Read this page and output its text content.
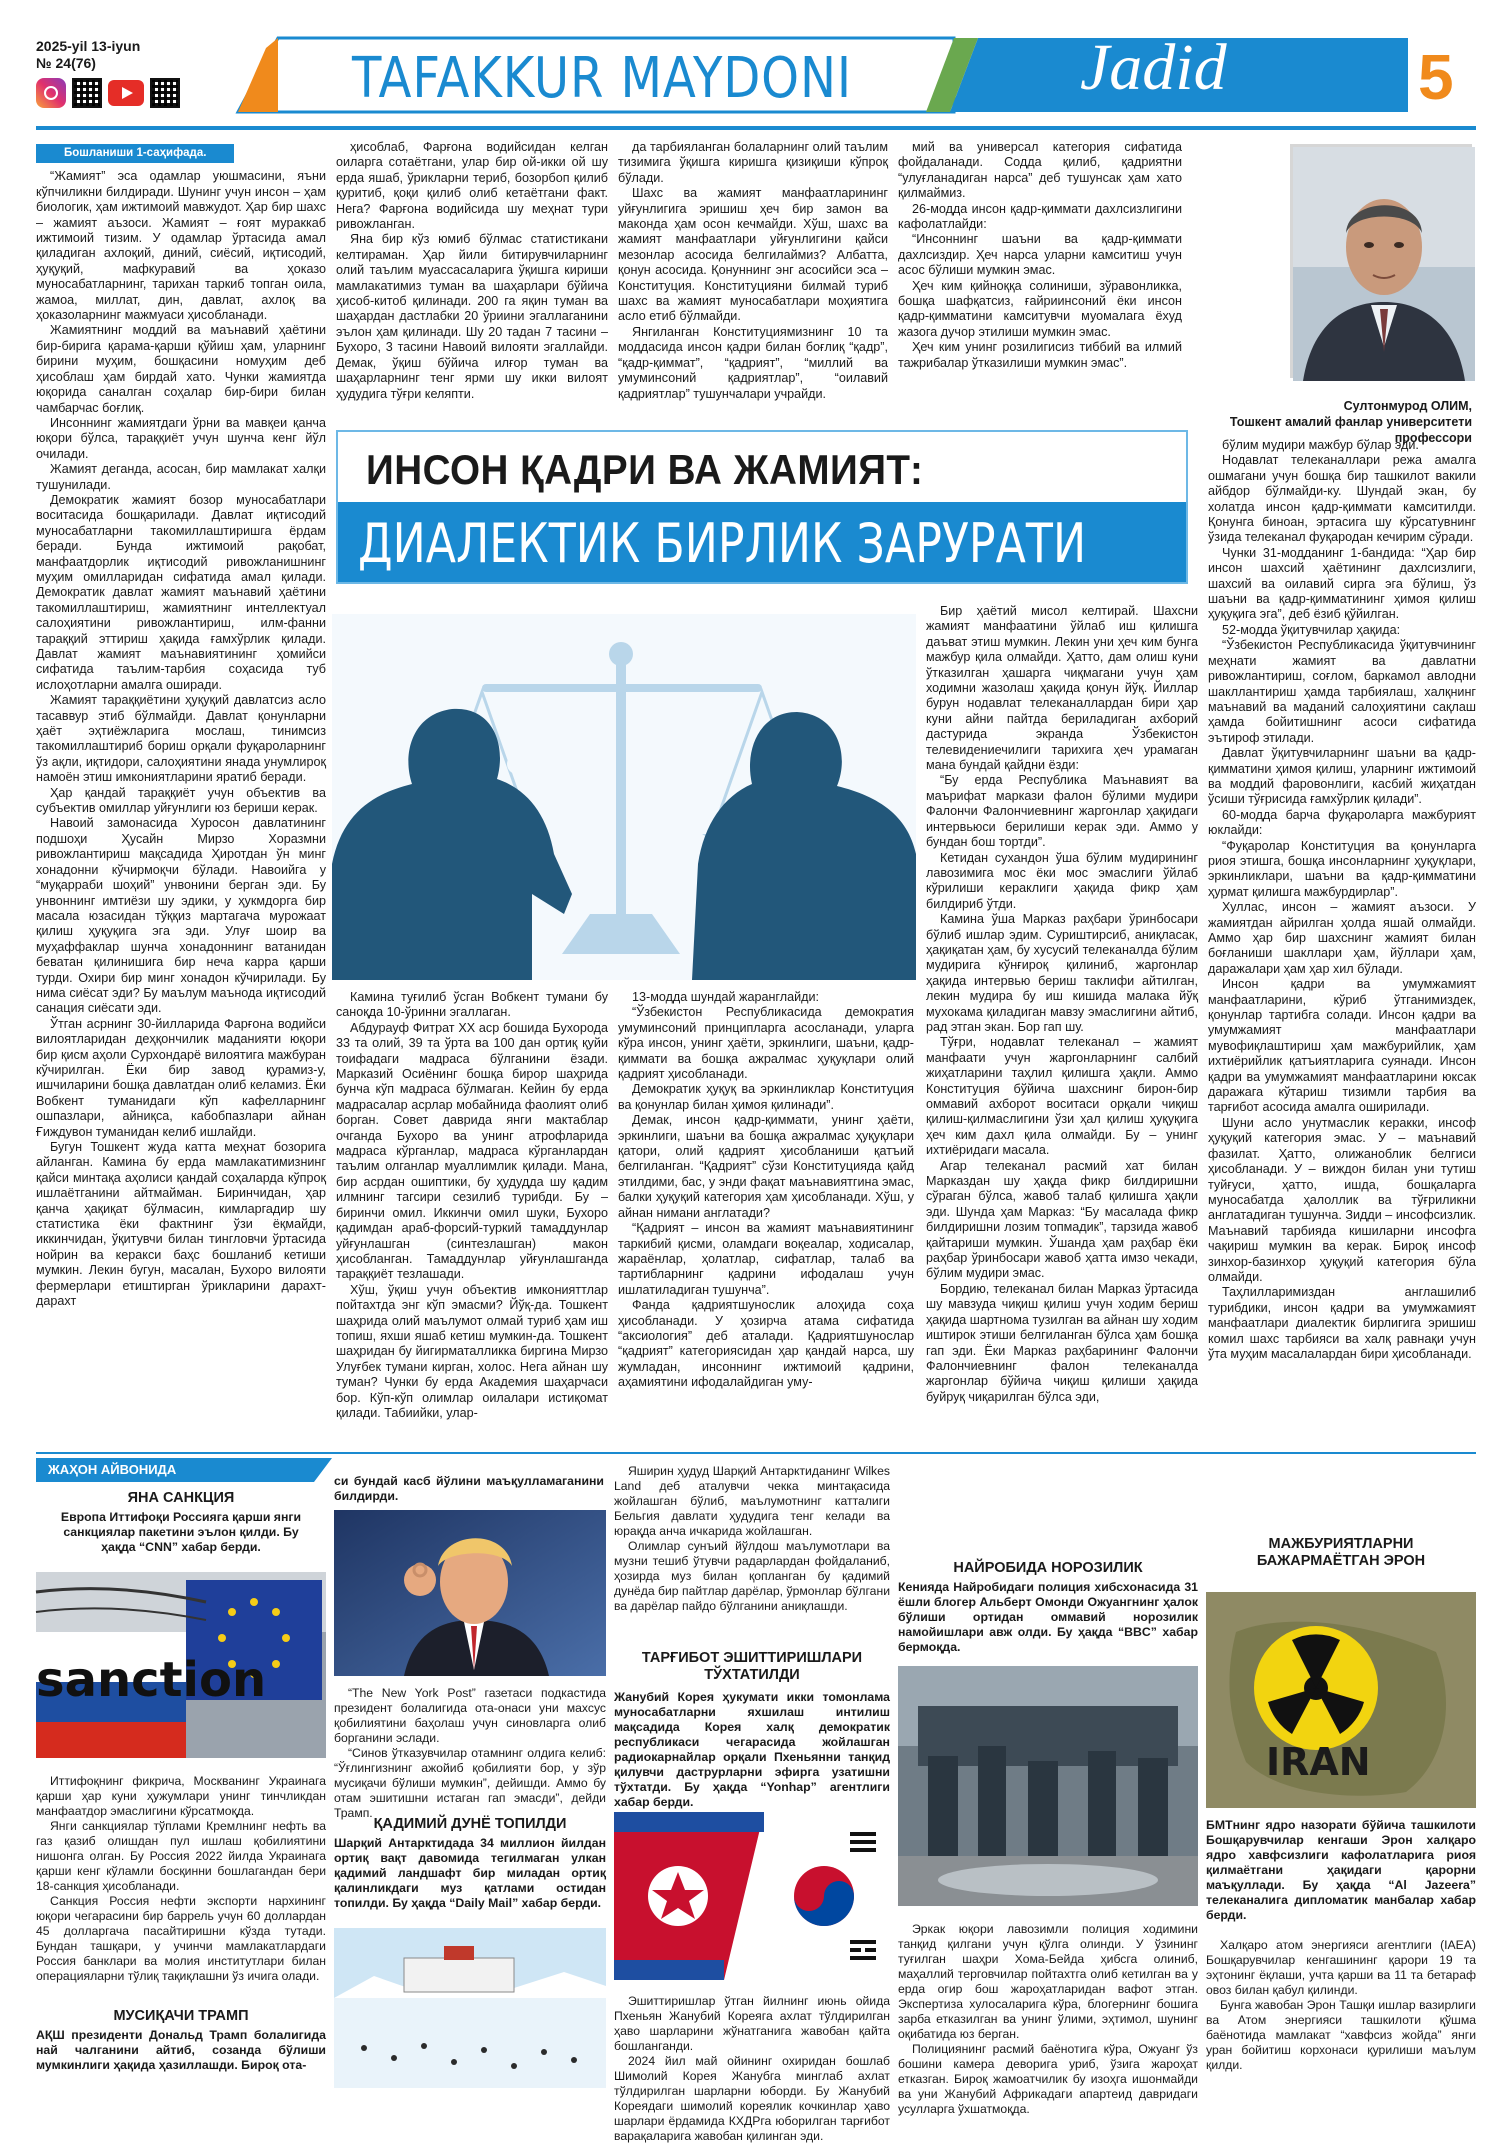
2025-yil 13-iyun
№ 24(76)	TAFAKKUR MAYDONI	Jadid	5
Бошланиши 1-саҳифада.

“Жамият” эса одамлар уюшмасини, яъни кўпчиликни билдиради. Шунинг учун инсон – ҳам биологик, ҳам ижтимоий мавжудот. Ҳар бир шахс – жамият аъзоси. Жамият – ғоят мураккаб ижтимоий тизим. У одамлар ўртасида амал қиладиган ахлоқий, диний, сиёсий, иқтисодий, ҳуқуқий, мафкуравий ва ҳоказо муносабатларнинг, тарихан таркиб топган оила, жамоа, миллат, дин, давлат, ахлоқ ва ҳоказоларнинг мажмуаси ҳисобланади.

Жамиятнинг моддий ва маънавий ҳаётини бир-бирига қарама-қарши қўйиш ҳам, уларнинг бирини муҳим, бошқасини номуҳим деб ҳисоблаш ҳам бирдай хато. Чунки жамиятда юқорида саналган соҳалар бир-бири билан чамбарчас боғлиқ.

Инсоннинг жамиятдаги ўрни ва мавқеи қанча юқори бўлса, тараққиёт учун шунча кенг йўл очилади.

Жамият деганда, асосан, бир мамлакат халқи тушунилади.

Демократик жамият бозор муносабатлари воситасида бошқарилади. Давлат иқтисодий муносабатларни такомиллаштиришга ёрдам беради. Бунда ижтимоий рақобат, манфаатдорлик иқтисодий ривожланишнинг муҳим омилларидан сифатида амал қилади. Демократик давлат жамият маънавий ҳаётини такомиллаштириш, жамиятнинг интеллектуал салоҳиятини ривожлантириш, илм-фанни тараққий эттириш ҳақида ғамхўрлик қилади. Давлат жамият маънавиятининг ҳомийси сифатида таълим-тарбия соҳасида туб ислоҳотларни амалга оширади.

Жамият тараққиётини ҳуқуқий давлатсиз асло тасаввур этиб бўлмайди. Давлат қонунларни ҳаёт эҳтиёжларига мослаш, тинимсиз такомиллаштириб бориш орқали фуқароларнинг ўз ақли, иқтидори, салоҳиятини янада унумлироқ намоён этиш имкониятларини яратиб беради.

Ҳар қандай тараққиёт учун объектив ва субъектив омиллар уйғунлиги юз бериши керак.

Навоий замонасида Хуросон давлатининг подшоҳи Ҳусайн Мирзо Хоразмни ривожлантириш мақсадида Ҳиротдан ўн минг хонадонни кўчирмоқчи бўлади. Навоийга у “муқарраби шоҳий” унвонини берган эди. Бу унвоннинг имтиёзи шу эдики, у ҳукмдорга бир масала юзасидан тўққиз мартагача мурожаат қилиш ҳуқуқига эга эди. Улуғ шоир ва муҳаффаклар шунча хонадоннинг ватанидан беватан қилинишига бир неча карра қарши турди. Охири бир минг хонадон кўчирилади. Бу нима сиёсат эди? Бу маълум маънода иқтисодий санация сиёсати эди.

Ўтган асрнинг 30-йилларида Фарғона водийси вилоятларидан деҳқончилик маданияти юқори бир қисм аҳоли Сурхондарё вилоятига мажбуран кўчирилган. Ёки бир завод қурамиз-у, ишчиларини бошқа давлатдан олиб келамиз. Ёки Вобкент туманидаги кўп кафелларнинг ошпазлари, айниқса, кабобпазлари айнан Ғиждувон туманидан келиб ишлайди.

Бугун Тошкент жуда катта меҳнат бозорига айланган. Камина бу ерда мамлакатимизнинг қайси минтақа аҳолиси қандай соҳаларда кўпроқ ишлаётганини айтмайман. Биринчидан, ҳар қанча ҳақиқат бўлмасин, кимларгадир шу статистика ёки фактнинг ўзи ёқмайди, иккинчидан, ўқитувчи билан тингловчи ўртасида нойрин ва керакси баҳс бошланиб кетиши мумкин. Лекин бугун, масалан, Бухоро вилояти фермерлари етиштирган ўрикларини дарахт-дарахт

ҳисоблаб, Фарғона водийсидан келган оиларга сотаётгани, улар бир ой-икки ой шу ерда яшаб, ўрикларни териб, бозорбоп қилиб қуритиб, қоқи қилиб олиб кетаётгани факт. Нега? Фарғона водийсида шу меҳнат тури ривожланган.

Яна бир кўз юмиб бўлмас статистикани келтираман. Ҳар йили битирувчиларнинг олий таълим муассасаларига ўқишга кириши мамлакатимиз туман ва шаҳарлари бўйича ҳисоб-китоб қилинади. 200 га яқин туман ва шаҳардан дастлабки 20 ўриини эгаллаганини эълон ҳам қилинади. Шу 20 тадан 7 тасини – Бухоро, 3 тасини Навоий вилояти эгаллайди. Демак, ўқиш бўйича илғор туман ва шаҳарларнинг тенг ярми шу икки вилоят ҳудудига тўғри келяпти.

да тарбияланган болаларнинг олий таълим тизимига ўқишга киришга қизиқиши кўпроқ бўлади.

Шахс ва жамият манфаатларининг уйғунлигига эришиш ҳеч бир замон ва маконда ҳам осон кечмайди. Хўш, шахс ва жамият манфаатлари уйғунлигини қайси мезонлар асосида белгилаймиз? Албатта, қонун асосида. Қонуннинг энг асосийси эса – Конституция. Конституцияни билмай туриб шахс ва жамият муносабатлари моҳиятига асло етиб бўлмайди.

Янгиланган Конституциямизнинг 10 та моддасида инсон қадри билан боғлиқ “қадр”, “қадр-қиммат”, “қадрият”, “миллий ва умуминсоний қадриятлар”, “оилавий қадриятлар” тушунчалари учрайди.

мий ва универсал категория сифатида фойдаланади. Содда қилиб, қадриятни “улуғланадиган нарса” деб тушунсак ҳам хато қилмаймиз.

26-модда инсон қадр-қиммати дахлсизлигини кафолатлайди:

“Инсоннинг шаъни ва қадр-қиммати дахлсиздир. Ҳеч нарса уларни камситиш учун асос бўлиши мумкин эмас.

Ҳеч ким қийноққа солиниши, зўравонликка, бошқа шафқатсиз, ғайриинсоний ёки инсон қадр-қимматини камситувчи муомалага ёхуд жазога дучор этилиши мумкин эмас.

Ҳеч ким унинг розилигисиз тиббий ва илмий тажрибалар ўтказилиши мумкин эмас”.

Султонмурод ОЛИМ,
Тошкент амалий фанлар университети профессори
ИНСОН ҚАДРИ ВА ЖАМИЯТ:
ДИАЛЕКТИК БИРЛИК ЗАРУРАТИ

бўлим мудири мажбур бўлар эди.

Нодавлат телеканаллари режа амалга ошмагани учун бошқа бир ташкилот вакили айбдор бўлмайди-ку. Шундай экан, бу холатда инсон қадр-қиммати камситилди. Қонунга биноан, эртасига шу кўрсатувнинг ўзида телеканал фуқародан кечирим сўради.

Чунки 31-модданинг 1-бандида: “Ҳар бир инсон шахсий ҳаётининг дахлсизлиги, шахсий ва оилавий сирга эга бўлиш, ўз шаъни ва қадр-қимматининг ҳимоя қилиш ҳуқуқига эга”, деб ёзиб қўйилган.

52-модда ўқитувчилар ҳақида:

“Ўзбекистон Республикасида ўқитувчининг меҳнати жамият ва давлатни ривожлантириш, соғлом, баркамол авлодни шакллантириш ҳамда тарбиялаш, халқнинг маънавий ва маданий салоҳиятини сақлаш ҳамда бойитишнинг асоси сифатида эътироф этилади.

Давлат ўқитувчиларнинг шаъни ва қадр-қимматини ҳимоя қилиш, уларнинг ижтимоий ва моддий фаровонлиги, касбий жиҳатдан ўсиши тўғрисида ғамхўрлик қилади”.

60-модда барча фуқароларга мажбурият юклайди:

“Фуқаролар Конституция ва қонунларга риоя этишга, бошқа инсонларнинг ҳуқуқлари, эркинликлари, шаъни ва қадр-қимматини ҳурмат қилишга мажбурдирлар”.

Хуллас, инсон – жамият аъзоси. У жамиятдан айрилган ҳолда яшай олмайди. Аммо ҳар бир шахснинг жамият билан боғланиши шакллари ҳам, йўллари ҳам, даражалари ҳам ҳар хил бўлади.

Инсон қадри ва умумжамият манфаатларини, кўриб ўтганимиздек, қонунлар тартибга солади. Инсон қадри ва умумжамият манфаатлари мувофиқлаштириш ҳам мажбурийлик, ҳам ихтиёрийлик қатъиятларига суянади. Инсон қадри ва умумжамият манфаатларини юксак даражага кўтариш тизимли тарбия ва тарғибот асосида амалга оширилади.

Шуни асло унутмаслик керакки, инсоф ҳуқуқий категория эмас. У – маънавий фазилат. Ҳатто, олижаноблик белгиси ҳисобланади. У – виждон билан уни тутиш туйғуси, ҳатто, ишда, бошқаларга муносабатда ҳалоллик ва тўғриликни англатадиган тушунча. Зидди – инсофсизлик. Маънавий тарбияда кишиларни инсофга чақириш мумкин ва керак. Бироқ инсоф зинхор-базинхор ҳуқуқий категория бўла олмайди.

Таҳлилларимиздан англашилиб турибдики, инсон қадри ва умумжамият манфаатлари диалектик бирлигига эришиш комил шахс тарбияси ва халқ равнақи учун ўта муҳим масалалардан бири ҳисобланади.

Бир ҳаётий мисол келтирай. Шахсни жамият манфаатини ўйлаб иш қилишга даъват этиш мумкин. Лекин уни ҳеч ким бунга мажбур қила олмайди. Ҳатто, дам олиш куни ўтказилган ҳашарга чиқмагани учун ҳам ходимни жазолаш ҳақида қонун йўқ. Йиллар бурун нодавлат телеканаллардан бири ҳар куни айни пайтда бериладиган ахборий дастурида экранда Ўзбекистон телевидениечилиги тарихига ҳеч урамаган мана бундай қайдни ёзди:

“Бу ерда Республика Маънавият ва маърифат маркази фалон бўлими мудири Фалончи Фалончиевнинг жаргонлар ҳақидаги интервьюси берилиши керак эди. Аммо у бундан бош тортди”.

Кетидан сухандон ўша бўлим мудирининг лавозимига мос ёки мос эмаслиги ўйлаб кўрилиши кераклиги ҳақида фикр ҳам билдириб ўтди.

Камина ўша Марказ раҳбари ўринбосари бўлиб ишлар эдим. Суриштирсиб, аниқласак, ҳақиқатан ҳам, бу хусусий телеканалда бўлим мудирига кўнғироқ қилиниб, жаргонлар ҳақида интервью бериш таклифи айтилган, лекин мудира бу иш кишида малака йўқ мухокама қиладиган мавзу эмаслигини айтиб, рад этган экан. Бор гап шу.

Тўғри, нодавлат телеканал – жамият манфаати учун жаргонларнинг салбий жиҳатларини таҳлил қилишга ҳақли. Аммо Конституция бўйича шахснинг бирон-бир оммавий ахборот воситаси орқали чиқиш қилиш-қилмаслигини ўзи ҳал қилиш ҳуқуқига ҳеч ким дахл қила олмайди. Бу – унинг ихтиёридаги масала.

Агар телеканал расмий хат билан Марказдан шу ҳақда фикр билдиришни сўраган бўлса, жавоб талаб қилишга ҳақли эди. Шунда ҳам Марказ: “Бу масалада фикр билдиришни лозим топмадик”, тарзида жавоб қайтариши мумкин. Ўшанда ҳам раҳбар ёки раҳбар ўринбосари жавоб ҳатта имзо чекади, бўлим мудири эмас.

Бордию, телеканал билан Марказ ўртасида шу мавзуда чиқиш қилиш учун ходим бериш ҳақида шартнома тузилган ва айнан шу ходим иштирок этиши белгиланган бўлса ҳам бошқа гап эди. Ёки Марказ раҳбарининг Фалончи Фалончиевнинг фалон телеканалда жаргонлар бўйича чиқиш қилиши ҳақида буйруқ чиқарилган бўлса эди,

Камина туғилиб ўсган Вобкент тумани бу саноқда 10-ўринни эгаллаган.

Абдурауф Фитрат ХХ аср бошида Бухорода 33 та олий, 39 та ўрта ва 100 дан ортиқ қуйи тоифадаги мадраса бўлганини ёзади. Марказий Осиёнинг бошқа бирор шаҳрида бунча кўп мадраса бўлмаган. Кейин бу ерда мадрасалар асрлар мобайнида фаолият олиб борган. Совет даврида янги мактаблар очганда Бухоро ва унинг атрофларида мадраса кўрганлар, мадраса кўрганлардан таълим олганлар муаллимлик қилади. Мана, бир асрдан ошиптики, бу ҳудудда шу қадим илмнинг тагсири сезилиб турибди. Бу – биринчи омил. Иккинчи омил шуки, Бухоро қадимдан араб-форсий-туркий тамаддунлар уйғунлашган (синтезлашган) макон ҳисобланган. Тамаддунлар уйғунлашганда тараққиёт тезлашади.

Хўш, ўқиш учун объектив имконияттлар пойтахтда энг кўп эмасми? Йўқ-да. Тошкент шаҳрида олий маълумот олмай туриб ҳам иш топиш, яхши яшаб кетиш мумкин-да. Тошкент шаҳридан бу йигирматалликка биргина Мирзо Улуғбек тумани кирган, холос. Нега айнан шу туман? Чунки бу ерда Академия шаҳарчаси бор. Кўп-кўп олимлар оилалари истиқомат қилади. Табиийки, улар-

13-модда шундай жаранглайди:

“Ўзбекистон Республикасида демократия умуминсоний принципларга асосланади, уларга кўра инсон, унинг ҳаёти, эркинлиги, шаъни, қадр-қиммати ва бошқа ажралмас ҳуқуқлари олий қадрият ҳисобланади.

Демократик ҳуқуқ ва эркинликлар Конституция ва қонунлар билан ҳимоя қилинади”.

Демак, инсон қадр-қиммати, унинг ҳаёти, эркинлиги, шаъни ва бошқа ажралмас ҳуқуқлари қатори, олий қадрият ҳисобланиши қатъий белгиланган. “Қадрият” сўзи Конституцияда қайд этилдими, бас, у энди фақат маънавиятгина эмас, балки ҳуқуқий категория ҳам ҳисобланади. Хўш, у айнан нимани англатади?

“Қадрият – инсон ва жамият маънавиятининг таркибий қисми, оламдаги воқеалар, ходисалар, жараёнлар, ҳолатлар, сифатлар, талаб ва тартибларнинг қадрини ифодалаш учун ишлатиладиган тушунча”.

Фанда қадриятшунослик алоҳида соҳа ҳисобланади. У ҳозирча атама сифатида “аксиология” деб аталади. Қадриятшунослар “қадрият” категориясидан ҳар қандай нарса, шу жумладан, инсоннинг ижтимоий қадрини, аҳамиятини ифодалайдиган уму-

ЖАҲОН АЙВОНИДА
ЯНА САНКЦИЯ
Европа Иттифоқи Россияга қарши янги санкциялар пакетини эълон қилди. Бу ҳақда “CNN” хабар берди.
sanction

Иттифоқнинг фикрича, Москванинг Украинага қарши ҳар куни ҳужумлари унинг тинчликдан манфаатдор эмаслигини кўрсатмоқда.

Янги санкциялар тўплами Кремлнинг нефть ва газ қазиб олишдан пул ишлаш қобилиятини нишонга олган. Бу Россия 2022 йилда Украинага қарши кенг кўламли босқинни бошлагандан бери 18-санкция ҳисобланади.

Санкция Россия нефти экспорти нархининг юқори чегарасини бир баррель учун 60 доллардан 45 долларгача пасайтиришни кўзда тутади. Бундан ташқари, у учинчи мамлакатлардаги Россия банклари ва молия институтлари билан операцияларни тўлиқ тақиқлашни ўз ичига олади.

МУСИҚАЧИ ТРАМП
АҚШ президенти Дональд Трамп болалигида най чалганини айтиб, созанда бўлиши мумкинлиги ҳақида ҳазиллашди. Бироқ ота-
си бундай касб йўлини маъқулламаганини билдирди.

“The New York Post” газетаси подкастида президент болалигида ота-онаси уни махсус қобилиятини баҳолаш учун синовларга олиб борганини эслади.

“Синов ўтказувчилар отамнинг олдига келиб: “Ўғлингизнинг ажойиб қобилияти бор, у зўр мусиқачи бўлиши мумкин”, дейишди. Аммо бу отам эшитишни истаган гап эмасди”, дейди Трамп.

ҚАДИМИЙ ДУНЁ ТОПИЛДИ
Шарқий Антарктидада 34 миллион йилдан ортиқ вақт давомида тегилмаган улкан қадимий ландшафт бир миладан ортиқ қалинликдаги муз қатлами остидан топилди. Бу ҳақда “Daily Mail” хабар берди.

Яширин ҳудуд Шарқий Антарктиданинг Wilkes Land деб аталувчи чекка минтақасида жойлашган бўлиб, маълумотнинг катталиги Бельгия давлати ҳудудига тенг келади ва юрақда анча ичкарида жойлашган.

Олимлар сунъий йўлдош маълумотлари ва музни тешиб ўтувчи радарлардан фойдаланиб, ҳозирда муз билан қопланган бу қадимий дунёда бир пайтлар дарёлар, ўрмонлар бўлгани ва дарёлар пайдо бўлганини аниқлашди.

ТАРҒИБОТ ЭШИТТИРИШЛАРИ ТЎХТАТИЛДИ
Жанубий Корея ҳукумати икки томонлама муносабатларни яхшилаш интилиш мақсадида Корея халқ демократик республикаси чегарасида жойлашган радиокарнайлар орқали Пхеньянни танқид қилувчи даструрларни эфирга узатишни тўхтатди. Бу ҳақда “Yonhap” агентлиги хабар берди.

Эшиттиришлар ўтган йилнинг июнь ойида Пхеньян Жанубий Кореяга ахлат тўлдирилган ҳаво шарларини жўнатганига жавобан қайта бошланганди.

2024 йил май ойининг охиридан бошлаб Шимолий Корея Жанубга минглаб ахлат тўлдирилган шарларни юборди. Бу Жанубий Кореядаги шимолий кореялик кочкинлар ҳаво шарлари ёрдамида КХДРга юборилган тарғибот варақаларига жавобан қилинган эди.

НАЙРОБИДА НОРОЗИЛИК
Кенияда Найробидаги полиция хибсхонасида 31 ёшли блогер Альберт Омонди Ожуангнинг ҳалок бўлиши ортидан оммавий норозилик намойишлари авж олди. Бу ҳақда “BBC” хабар бермоқда.

Эркак юқори лавозимли полиция ходимини танқид қилгани учун қўлга олинди. У ўзининг туғилган шаҳри Хома-Бейда ҳибсга олиниб, маҳаллий терговчилар пойтахтга олиб кетилган ва у ерда огир бош жароҳатларидан вафот этган. Экспертиза хулосаларига кўра, блогернинг бошига зарба етказилган ва унинг ўлими, эҳтимол, шунинг оқибатида юз берган.

Полициянинг расмий баёнотига кўра, Ожуанг ўз бошини камера деворига уриб, ўзига жароҳат етказган. Бироқ жамоатчилик бу изоҳга ишонмайди ва уни Жанубий Африкадаги апартеид давридаги усулларга ўхшатмоқда.

МАЖБУРИЯТЛАРНИ БАЖАРМАЁТГАН ЭРОН
IRAN
БМТнинг ядро назорати бўйича ташкилоти Бошқарувчилар кенгаши Эрон халқаро ядро хавфсизлиги кафолатларига риоя қилмаётгани ҳақидаги қарорни маъқуллади. Бу ҳақда “Al Jazeera” телеканалига дипломатик манбалар хабар берди.

Халқаро атом энергияси агентлиги (IAEA) Бошқарувчилар кенгашининг қарори 19 та эҳтонинг ёқлаши, учта қарши ва 11 та бетараф овоз билан қабул қилинди.

Бунга жавобан Эрон Ташқи ишлар вазирлиги ва Атом энергияси ташкилоти қўшма баёнотида мамлакат “хавфсиз жойда” янги уран бойитиш корхонаси қурилиши маълум қилди.
